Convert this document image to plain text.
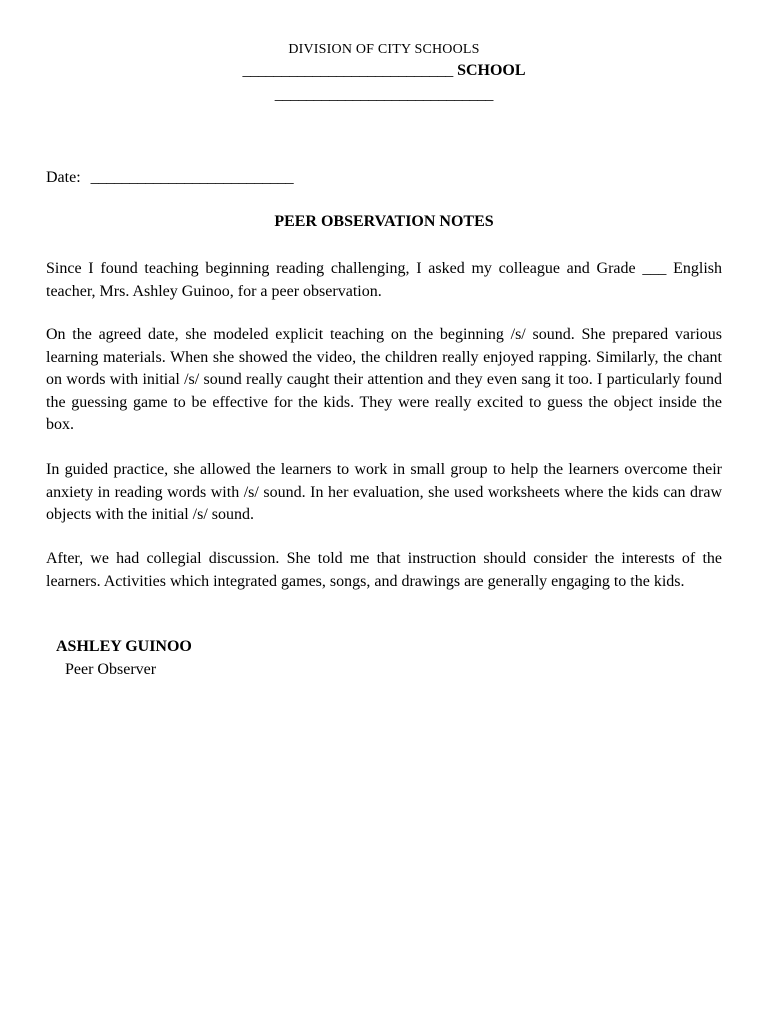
DIVISION OF CITY SCHOOLS
___________________________ SCHOOL
____________________________
Date: __________________________
PEER OBSERVATION NOTES

Since I found teaching beginning reading challenging, I asked my colleague and Grade ___ English teacher, Mrs. Ashley Guinoo, for a peer observation.

On the agreed date, she modeled explicit teaching on the beginning /s/ sound. She prepared various learning materials. When she showed the video, the children really enjoyed rapping. Similarly, the chant on words with initial /s/ sound really caught their attention and they even sang it too. I particularly found the guessing game to be effective for the kids. They were really excited to guess the object inside the box.

In guided practice, she allowed the learners to work in small group to help the learners overcome their anxiety in reading words with /s/ sound. In her evaluation, she used worksheets where the kids can draw objects with the initial /s/ sound.

After, we had collegial discussion. She told me that instruction should consider the interests of the learners. Activities which integrated games, songs, and drawings are generally engaging to the kids.

ASHLEY GUINOO
Peer Observer
